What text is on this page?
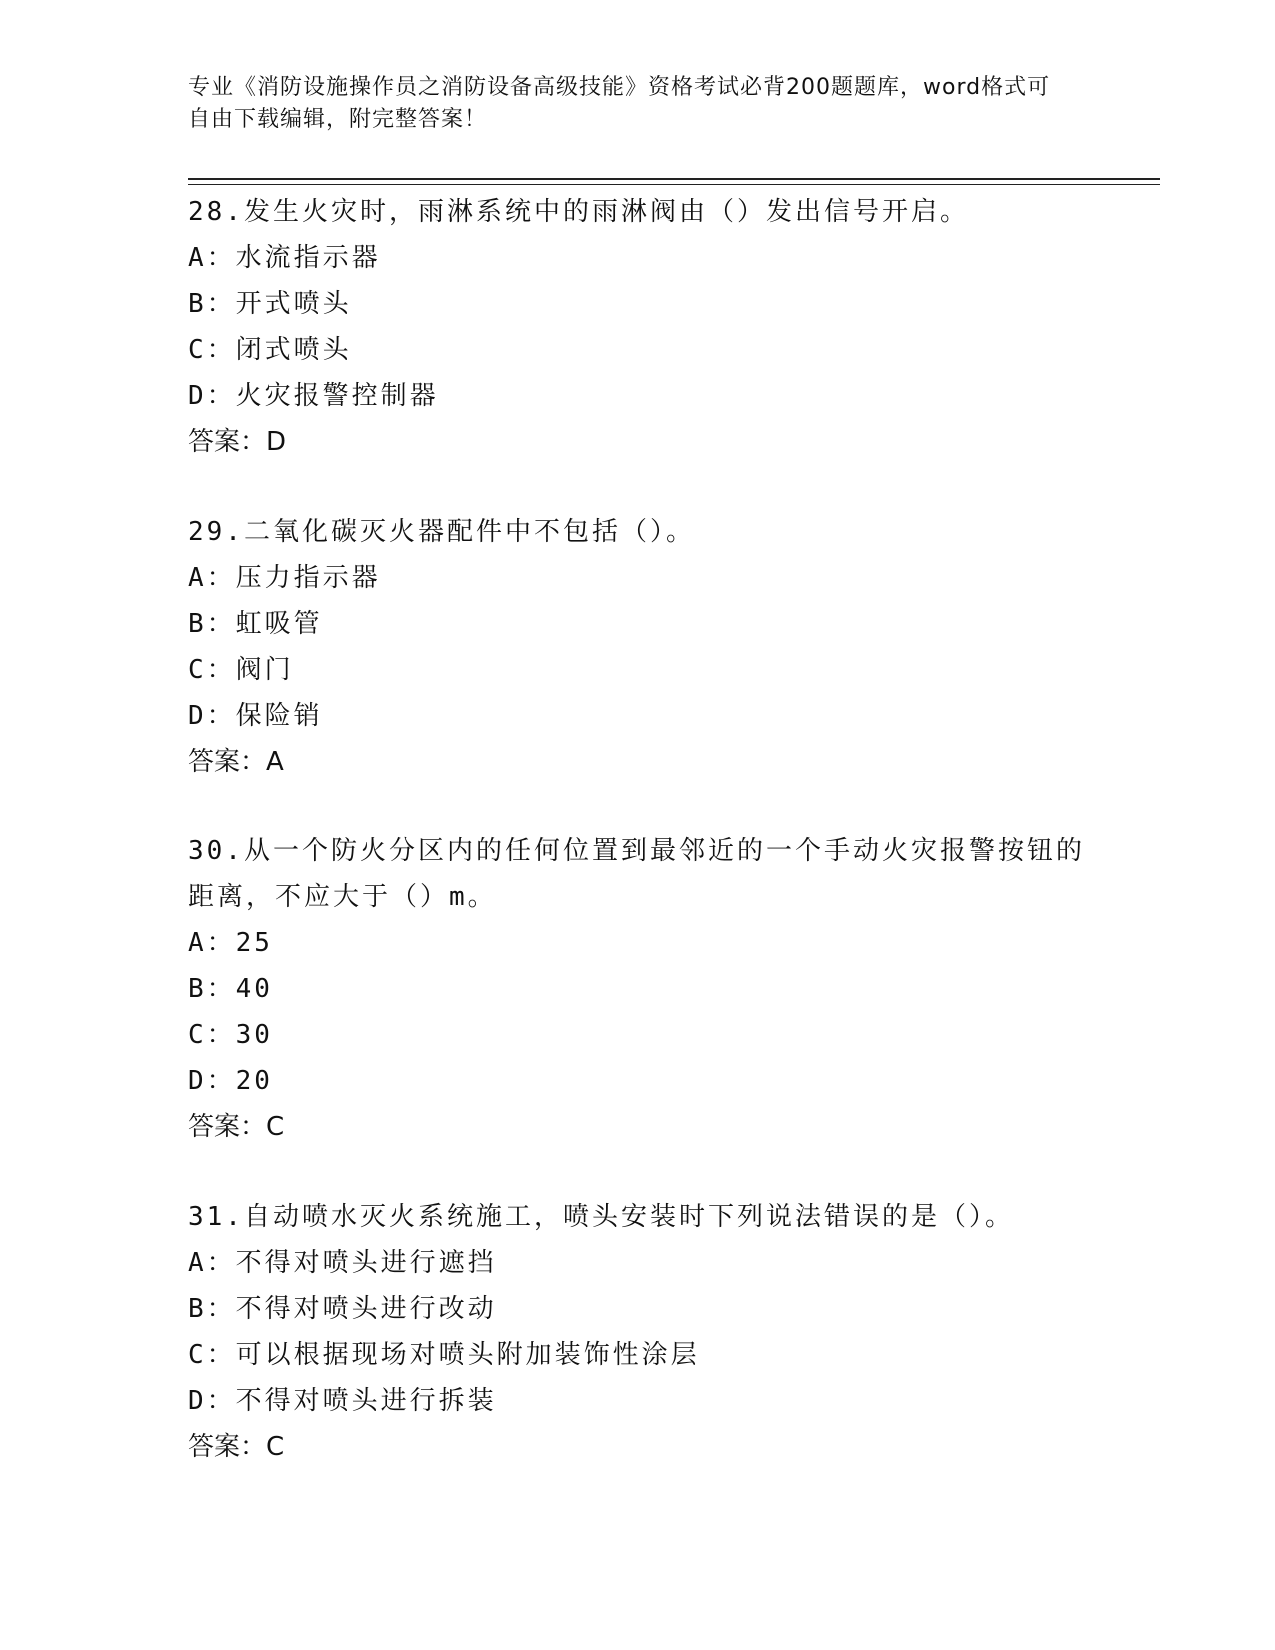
专业《消防设施操作员之消防设备高级技能》资格考试必背200题题库，word格式可自由下载编辑，附完整答案！
28.发生火灾时，雨淋系统中的雨淋阀由（）发出信号开启。
A：水流指示器
B：开式喷头
C：闭式喷头
D：火灾报警控制器
答案：D
29.二氧化碳灭火器配件中不包括（）。
A：压力指示器
B：虹吸管
C：阀门
D：保险销
答案：A
30.从一个防火分区内的任何位置到最邻近的一个手动火灾报警按钮的距离，不应大于（）m。
A：25
B：40
C：30
D：20
答案：C
31.自动喷水灭火系统施工，喷头安装时下列说法错误的是（）。
A：不得对喷头进行遮挡
B：不得对喷头进行改动
C：可以根据现场对喷头附加装饰性涂层
D：不得对喷头进行拆装
答案：C
